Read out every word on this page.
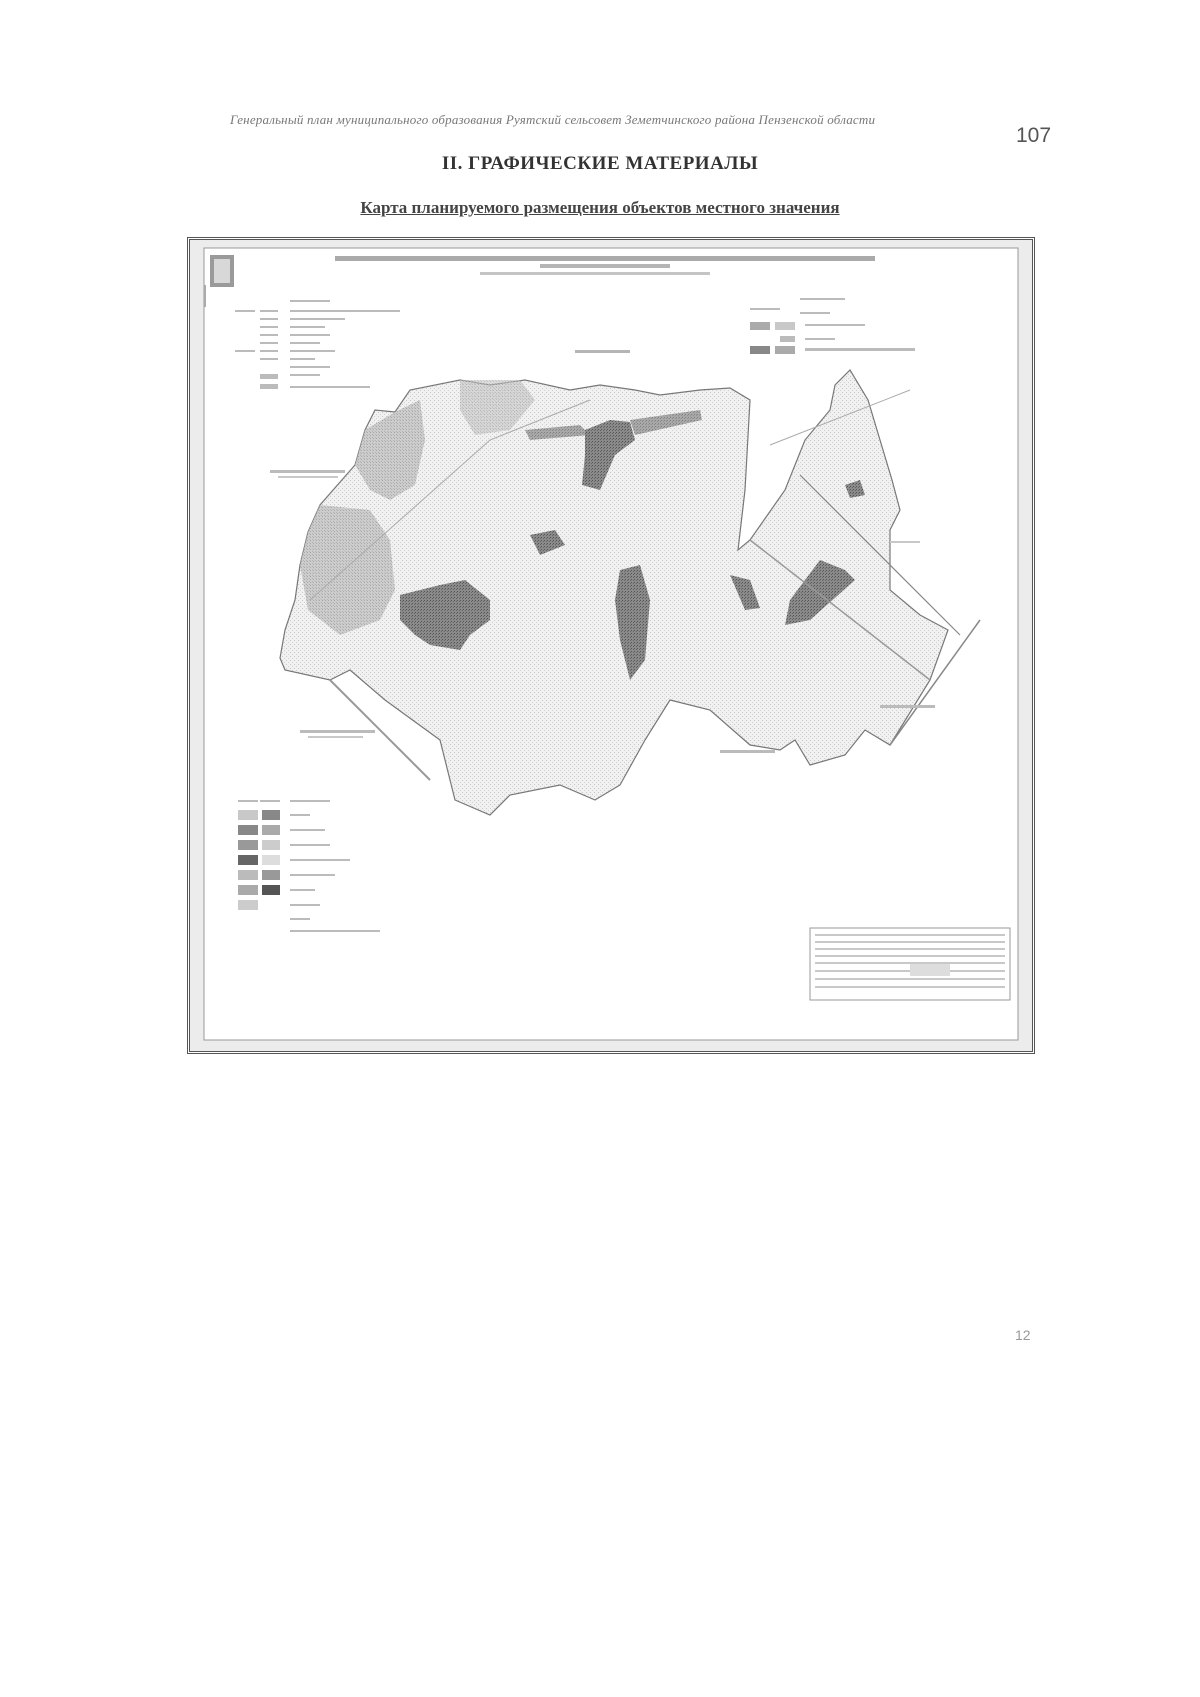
Генеральный план муниципального образования Руятский сельсовет Земетчинского района Пензенской области
107
II. ГРАФИЧЕСКИЕ МАТЕРИАЛЫ
Карта планируемого размещения объектов местного значения
12
